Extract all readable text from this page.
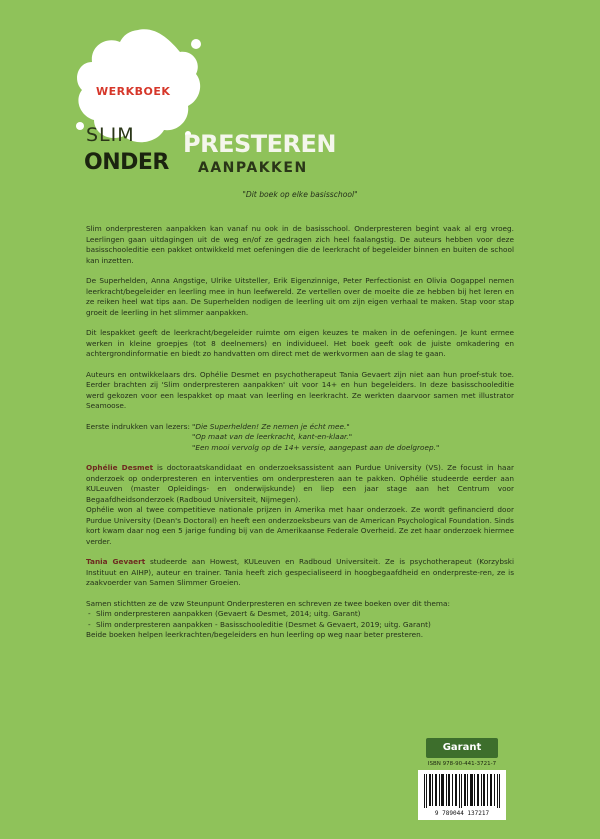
WERKBOEK
SLIM
ONDER
PRESTEREN
AANPAKKEN
"Dit boek op elke basisschool"

Slim onderpresteren aanpakken kan vanaf nu ook in de basisschool. Onderpresteren begint vaak al erg vroeg. Leerlingen gaan uitdagingen uit de weg en/of ze gedragen zich heel faalangstig. De auteurs hebben voor deze basisschooleditie een pakket ontwikkeld met oefeningen die de leerkracht of begeleider binnen en buiten de school kan inzetten.

De Superhelden, Anna Angstige, Ulrike Uitsteller, Erik Eigenzinnige, Peter Perfectionist en Olivia Oogappel nemen leerkracht/begeleider en leerling mee in hun leefwereld. Ze vertellen over de moeite die ze hebben bij het leren en ze reiken heel wat tips aan. De Superhelden nodigen de leerling uit om zijn eigen verhaal te maken. Stap voor stap groeit de leerling in het slimmer aanpakken.

Dit lespakket geeft de leerkracht/begeleider ruimte om eigen keuzes te maken in de oefeningen. Je kunt ermee werken in kleine groepjes (tot 8 deelnemers) en individueel. Het boek geeft ook de juiste omkadering en achtergrondinformatie en biedt zo handvatten om direct met de werkvormen aan de slag te gaan.

Auteurs en ontwikkelaars drs. Ophélie Desmet en psychotherapeut Tania Gevaert zijn niet aan hun proef-stuk toe. Eerder brachten zij 'Slim onderpresteren aanpakken' uit voor 14+ en hun begeleiders. In deze basisschooleditie werd gekozen voor een lespakket op maat van leerling en leerkracht. Ze werkten daarvoor samen met illustrator Seamoose.

Eerste indrukken van lezers: "Die Superhelden! Ze nemen je écht mee."
"Op maat van de leerkracht, kant-en-klaar."
"Een mooi vervolg op de 14+ versie, aangepast aan de doelgroep."

Ophélie Desmet is doctoraatskandidaat en onderzoeksassistent aan Purdue University (VS). Ze focust in haar onderzoek op onderpresteren en interventies om onderpresteren aan te pakken. Ophélie studeerde eerder aan KULeuven (master Opleidings- en onderwijskunde) en liep een jaar stage aan het Centrum voor Begaafdheidsonderzoek (Radboud Universiteit, Nijmegen).
Ophélie won al twee competitieve nationale prijzen in Amerika met haar onderzoek. Ze wordt gefinancierd door Purdue University (Dean's Doctoral) en heeft een onderzoeksbeurs van de American Psychological Foundation. Sinds kort kwam daar nog een 5 jarige funding bij van de Amerikaanse Federale Overheid. Ze zet haar onderzoek hiermee verder.

Tania Gevaert studeerde aan Howest, KULeuven en Radboud Universiteit. Ze is psychotherapeut (Korzybski Instituut en AIHP), auteur en trainer. Tania heeft zich gespecialiseerd in hoogbegaafdheid en onderpreste-ren, ze is zaakvoerder van Samen Slimmer Groeien.

Samen stichtten ze de vzw Steunpunt Onderpresteren en schreven ze twee boeken over dit thema:
- Slim onderpresteren aanpakken (Gevaert & Desmet, 2014; uitg. Garant)
- Slim onderpresteren aanpakken - Basisschooleditie (Desmet & Gevaert, 2019; uitg. Garant)
Beide boeken helpen leerkrachten/begeleiders en hun leerling op weg naar beter presteren.
Garant
ISBN 978-90-441-3721-7
9 789044 137217
